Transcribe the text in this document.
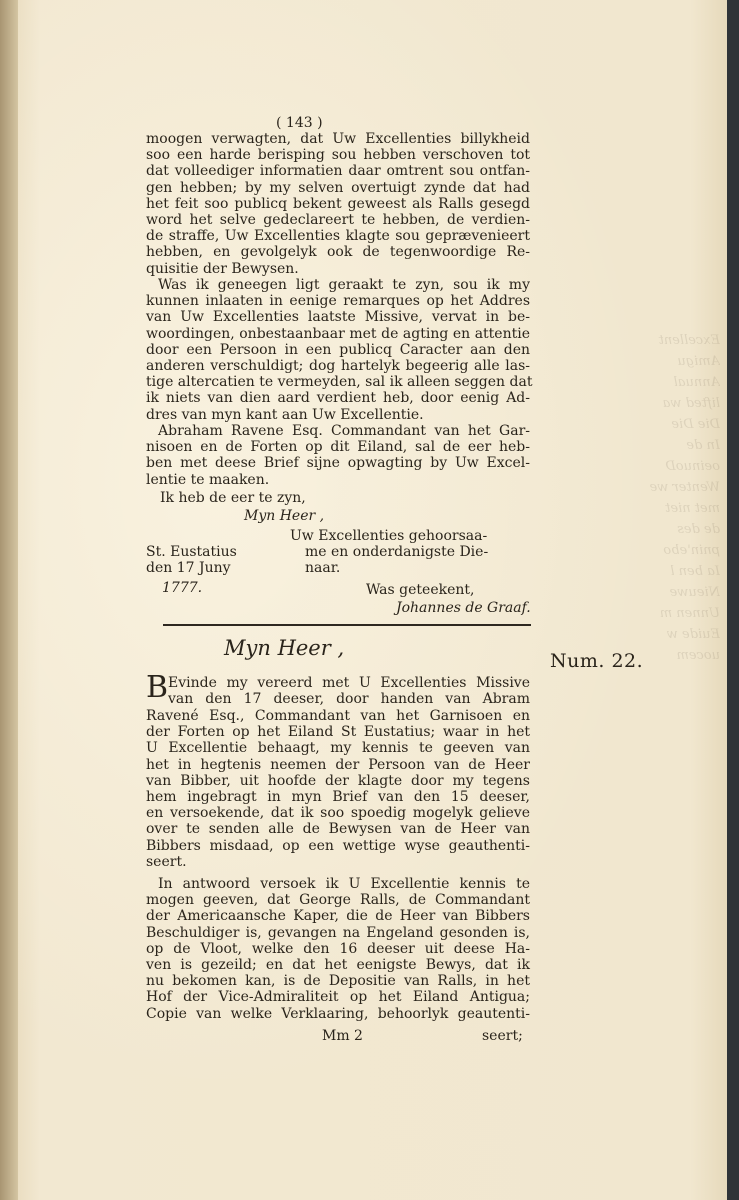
Excellent
Amigu
Annual
lifted wa
Die Die
In de
oeinuoD
Wenter we
met niet
de des
pnin'ebo
Ia ben l
Nieuwe
Unnen m
Euide w
uocem
( 143 )
moogen verwagten, dat Uw Excellenties billykheid
soo een harde berisping sou hebben verschoven tot
dat volleediger informatien daar omtrent sou ontfan-
gen hebben; by my selven overtuigt zynde dat had
het feit soo publicq bekent geweest als Ralls gesegd
word het selve gedeclareert te hebben, de verdien-
de straffe, Uw Excellenties klagte sou geprævenieert
hebben, en gevolgelyk ook de tegenwoordige Re-
quisitie der Bewysen.
Was ik geneegen ligt geraakt te zyn, sou ik my
kunnen inlaaten in eenige remarques op het Addres
van Uw Excellenties laatste Missive, vervat in be-
woordingen, onbestaanbaar met de agting en attentie
door een Persoon in een publicq Caracter aan den
anderen verschuldigt; dog hartelyk begeerig alle las-
tige altercatien te vermeyden, sal ik alleen seggen dat
ik niets van dien aard verdient heb, door eenig Ad-
dres van myn kant aan Uw Excellentie.
Abraham Ravene Esq. Commandant van het Gar-
nisoen en de Forten op dit Eiland, sal de eer heb-
ben met deese Brief sijne opwagting by Uw Excel-
lentie te maaken.
Ik heb de eer te zyn,
Myn Heer ,
Uw Excellenties gehoorsaa-
St. Eustatius	me en onderdanigste Die-
den 17 Juny	naar.
1777.	Was geteekent,
Johannes de Graaf.
Myn Heer ,
Num. 22.
B Evinde my vereerd met U Excellenties Missive
van den 17 deeser, door handen van Abram
Ravené Esq., Commandant van het Garnisoen en
der Forten op het Eiland St Eustatius; waar in het
U Excellentie behaagt, my kennis te geeven van
het in hegtenis neemen der Persoon van de Heer
van Bibber, uit hoofde der klagte door my tegens
hem ingebragt in myn Brief van den 15 deeser,
en versoekende, dat ik soo spoedig mogelyk gelieve
over te senden alle de Bewysen van de Heer van
Bibbers misdaad, op een wettige wyse geauthenti-
seert.
In antwoord versoek ik U Excellentie kennis te
mogen geeven, dat George Ralls, de Commandant
der Americaansche Kaper, die de Heer van Bibbers
Beschuldiger is, gevangen na Engeland gesonden is,
op de Vloot, welke den 16 deeser uit deese Ha-
ven is gezeild; en dat het eenigste Bewys, dat ik
nu bekomen kan, is de Depositie van Ralls, in het
Hof der Vice-Admiraliteit op het Eiland Antigua;
Copie van welke Verklaaring, behoorlyk geautenti-
Mm 2	seert;
